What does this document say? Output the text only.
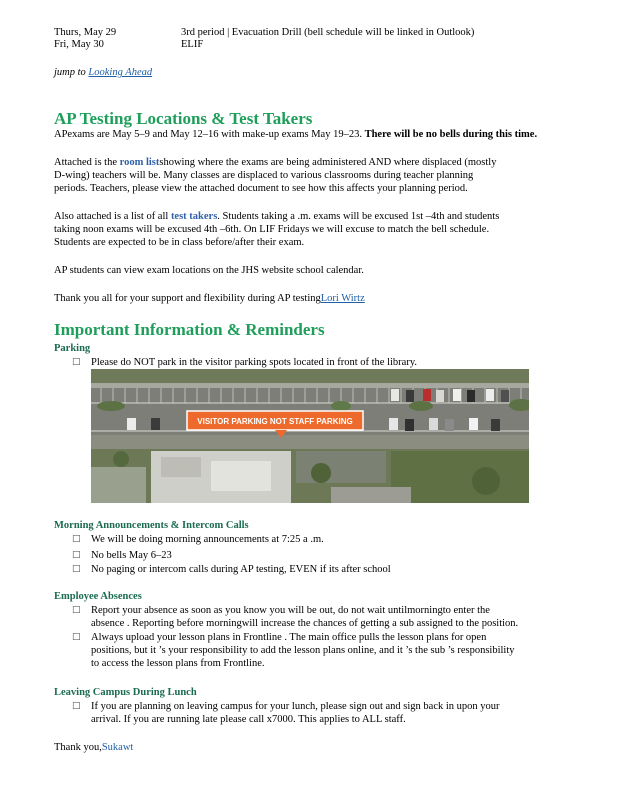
Thurs, May 29	3rd period | Evacuation Drill (bell schedule will be linked in Outlook)
Fri, May 30	ELIF
jump to Looking Ahead
AP Testing Locations & Test Takers
APexams are May 5–9 and May 12–16 with make-up exams May 19–23. There will be no bells during this time.
Attached is the room listshowing where the exams are being administered AND where displaced (mostly
D-wing) teachers will be. Many classes are displaced to various classrooms during teacher planning
periods. Teachers, please view the attached document to see how this affects your planning period.
Also attached is a list of all test takers. Students taking a .m. exams will be excused 1st –4th and students
taking noon exams will be excused 4th –6th. On LIF Fridays we will excuse to match the bell schedule.
Students are expected to be in class before/after their exam.
AP students can view exam locations on the JHS website school calendar.
Thank you all for your support and flexibility during AP testingLori Wirtz
Important Information & Reminders
Parking
□ Please do NOT park in the visitor parking spots located in front of the library.
VISITOR PARKING NOT STAFF PARKING
Morning Announcements & Intercom Calls
□ We will be doing morning announcements at 7:25 a .m.
□ No bells May 6–23
□ No paging or intercom calls during AP testing, EVEN if its after school
Employee Absences
□ Report your absence as soon as you know you will be out, do not wait untilmorningto enter the
absence . Reporting before morningwill increase the chances of getting a sub assigned to the position.
□ Always upload your lesson plans in Frontline . The main office pulls the lesson plans for open
positions, but it ’s your responsibility to add the lesson plans online, and it ’s the sub ’s responsibility
to access the lesson plans from Frontline.
Leaving Campus During Lunch
□ If you are planning on leaving campus for your lunch, please sign out and sign back in upon your
arrival. If you are running late please call x7000. This applies to ALL staff.
Thank you,Sukawt
